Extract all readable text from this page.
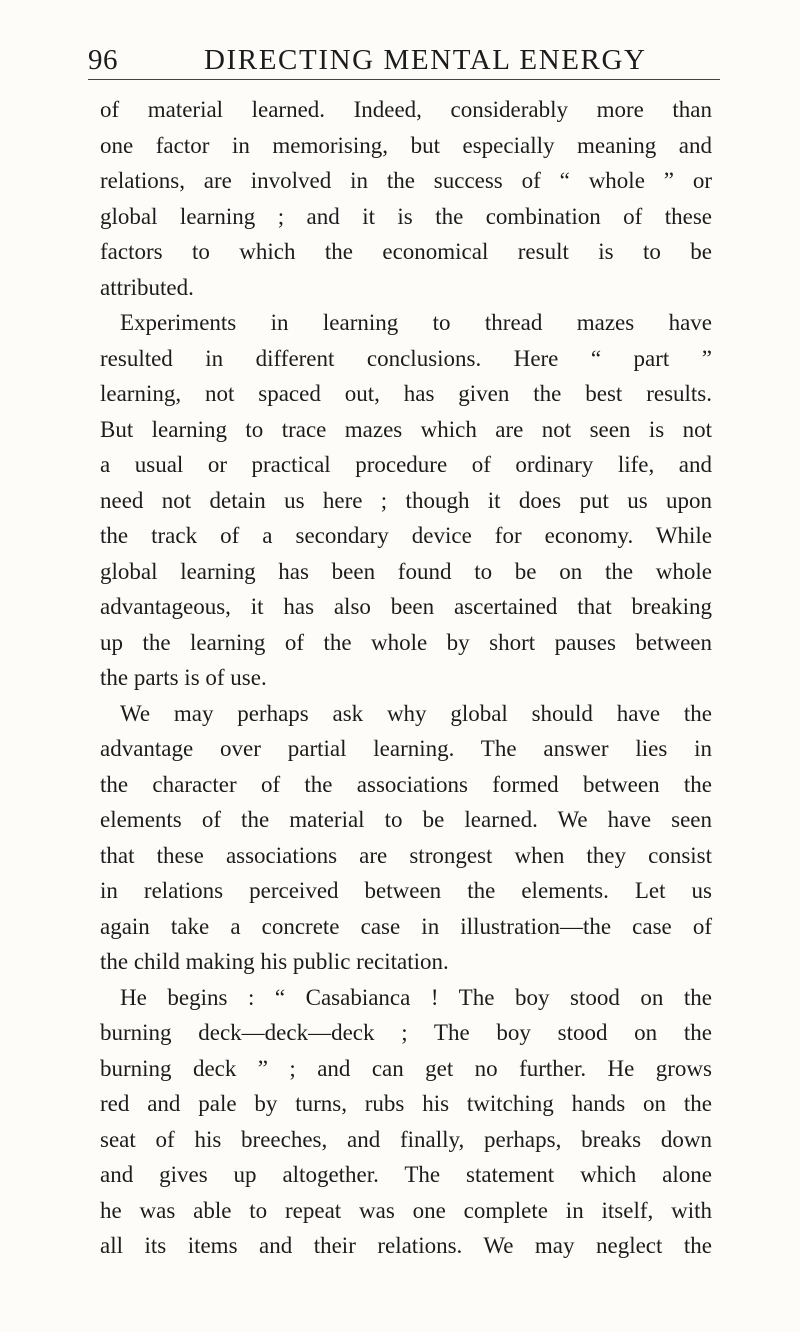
96	DIRECTING MENTAL ENERGY
of material learned. Indeed, considerably more than
one factor in memorising, but especially meaning and
relations, are involved in the success of “ whole ” or
global learning ; and it is the combination of these
factors to which the economical result is to be
attributed.
Experiments in learning to thread mazes have
resulted in different conclusions. Here “ part ”
learning, not spaced out, has given the best results.
But learning to trace mazes which are not seen is not
a usual or practical procedure of ordinary life, and
need not detain us here ; though it does put us upon
the track of a secondary device for economy. While
global learning has been found to be on the whole
advantageous, it has also been ascertained that breaking
up the learning of the whole by short pauses between
the parts is of use.
We may perhaps ask why global should have the
advantage over partial learning. The answer lies in
the character of the associations formed between the
elements of the material to be learned. We have seen
that these associations are strongest when they consist
in relations perceived between the elements. Let us
again take a concrete case in illustration—the case of
the child making his public recitation.
He begins : “ Casabianca ! The boy stood on the
burning deck—deck—deck ; The boy stood on the
burning deck ” ; and can get no further. He grows
red and pale by turns, rubs his twitching hands on the
seat of his breeches, and finally, perhaps, breaks down
and gives up altogether. The statement which alone
he was able to repeat was one complete in itself, with
all its items and their relations. We may neglect the
